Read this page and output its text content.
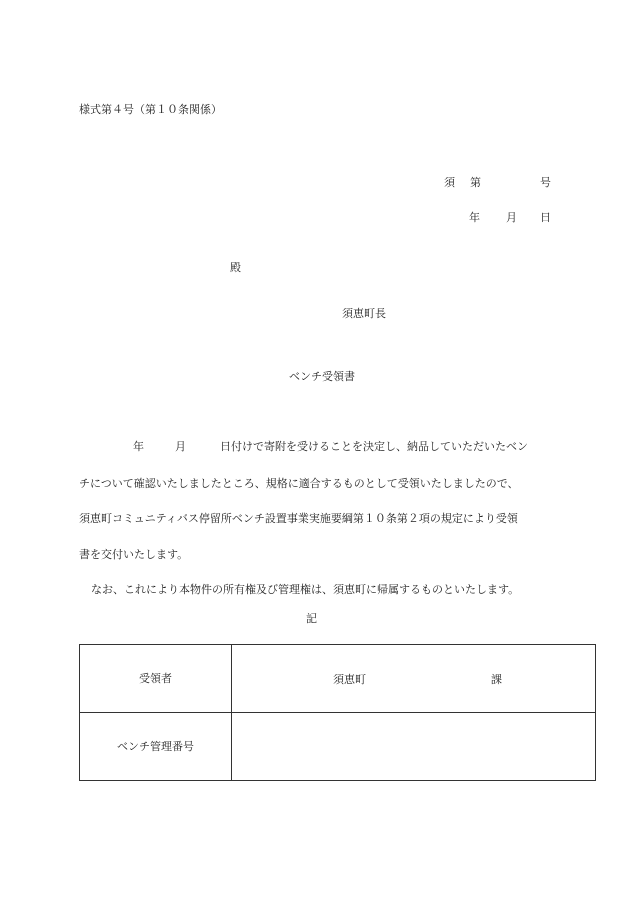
様式第４号（第１０条関係）
須 第	号
年 月 日
殿
須恵町長
ベンチ受領書
年	月	日付けで寄附を受けることを決定し、納品していただいたベン
チについて確認いたしましたところ、規格に適合するものとして受領いたしましたので、
須恵町コミュニティバス停留所ベンチ設置事業実施要綱第１０条第２項の規定により受領
書を交付いたします。
なお、これにより本物件の所有権及び管理権は、須恵町に帰属するものといたします。
記
受領者	須恵町 課

ベンチ管理番号	
